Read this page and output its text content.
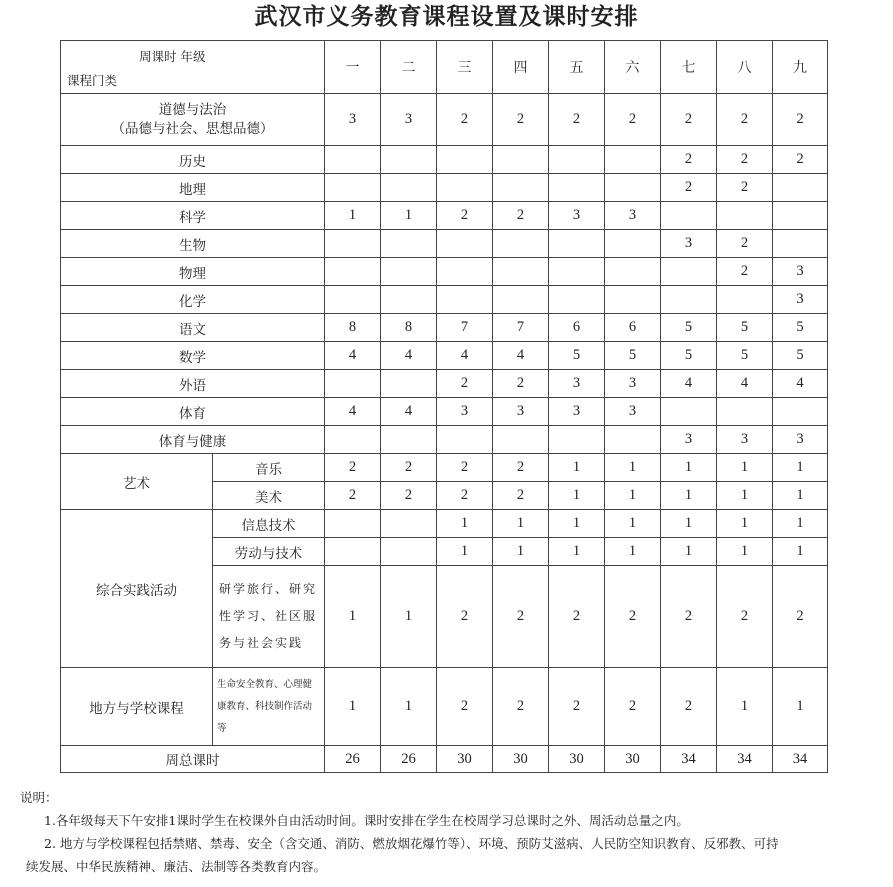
武汉市义务教育课程设置及课时安排
周课时 年级
课程门类		一	二	三	四	五	六	七	八	九
道德与法治
（品德与社会、思想品德）		3	3	2	2	2	2	2	2	2
历史								2	2	2
地理								2	2	
科学		1	1	2	2	3	3			
生物								3	2	
物理									2	3
化学										3
语文		8	8	7	7	6	6	5	5	5
数学		4	4	4	4	5	5	5	5	5
外语				2	2	3	3	4	4	4
体育		4	4	3	3	3	3			
体育与健康								3	3	3
艺术	音乐	2	2	2	2	1	1	1	1	1
	美术	2	2	2	2	1	1	1	1	1
综合实践活动	信息技术			1	1	1	1	1	1	1
	劳动与技术			1	1	1	1	1	1	1
	研学旅行、研究性学习、社区服务与社会实践	1	1	2	2	2	2	2	2	2
地方与学校课程	生命安全教育、心理健康教育、科技制作活动等	1	1	2	2	2	2	2	1	1
周总课时		26	26	30	30	30	30	34	34	34

说明：

1.各年级每天下午安排1课时学生在校课外自由活动时间。课时安排在学生在校周学习总课时之外、周活动总量之内。

2. 地方与学校课程包括禁赌、禁毒、安全（含交通、消防、燃放烟花爆竹等）、环境、预防艾滋病、人民防空知识教育、反邪教、可持

续发展、中华民族精神、廉洁、法制等各类教育内容。
